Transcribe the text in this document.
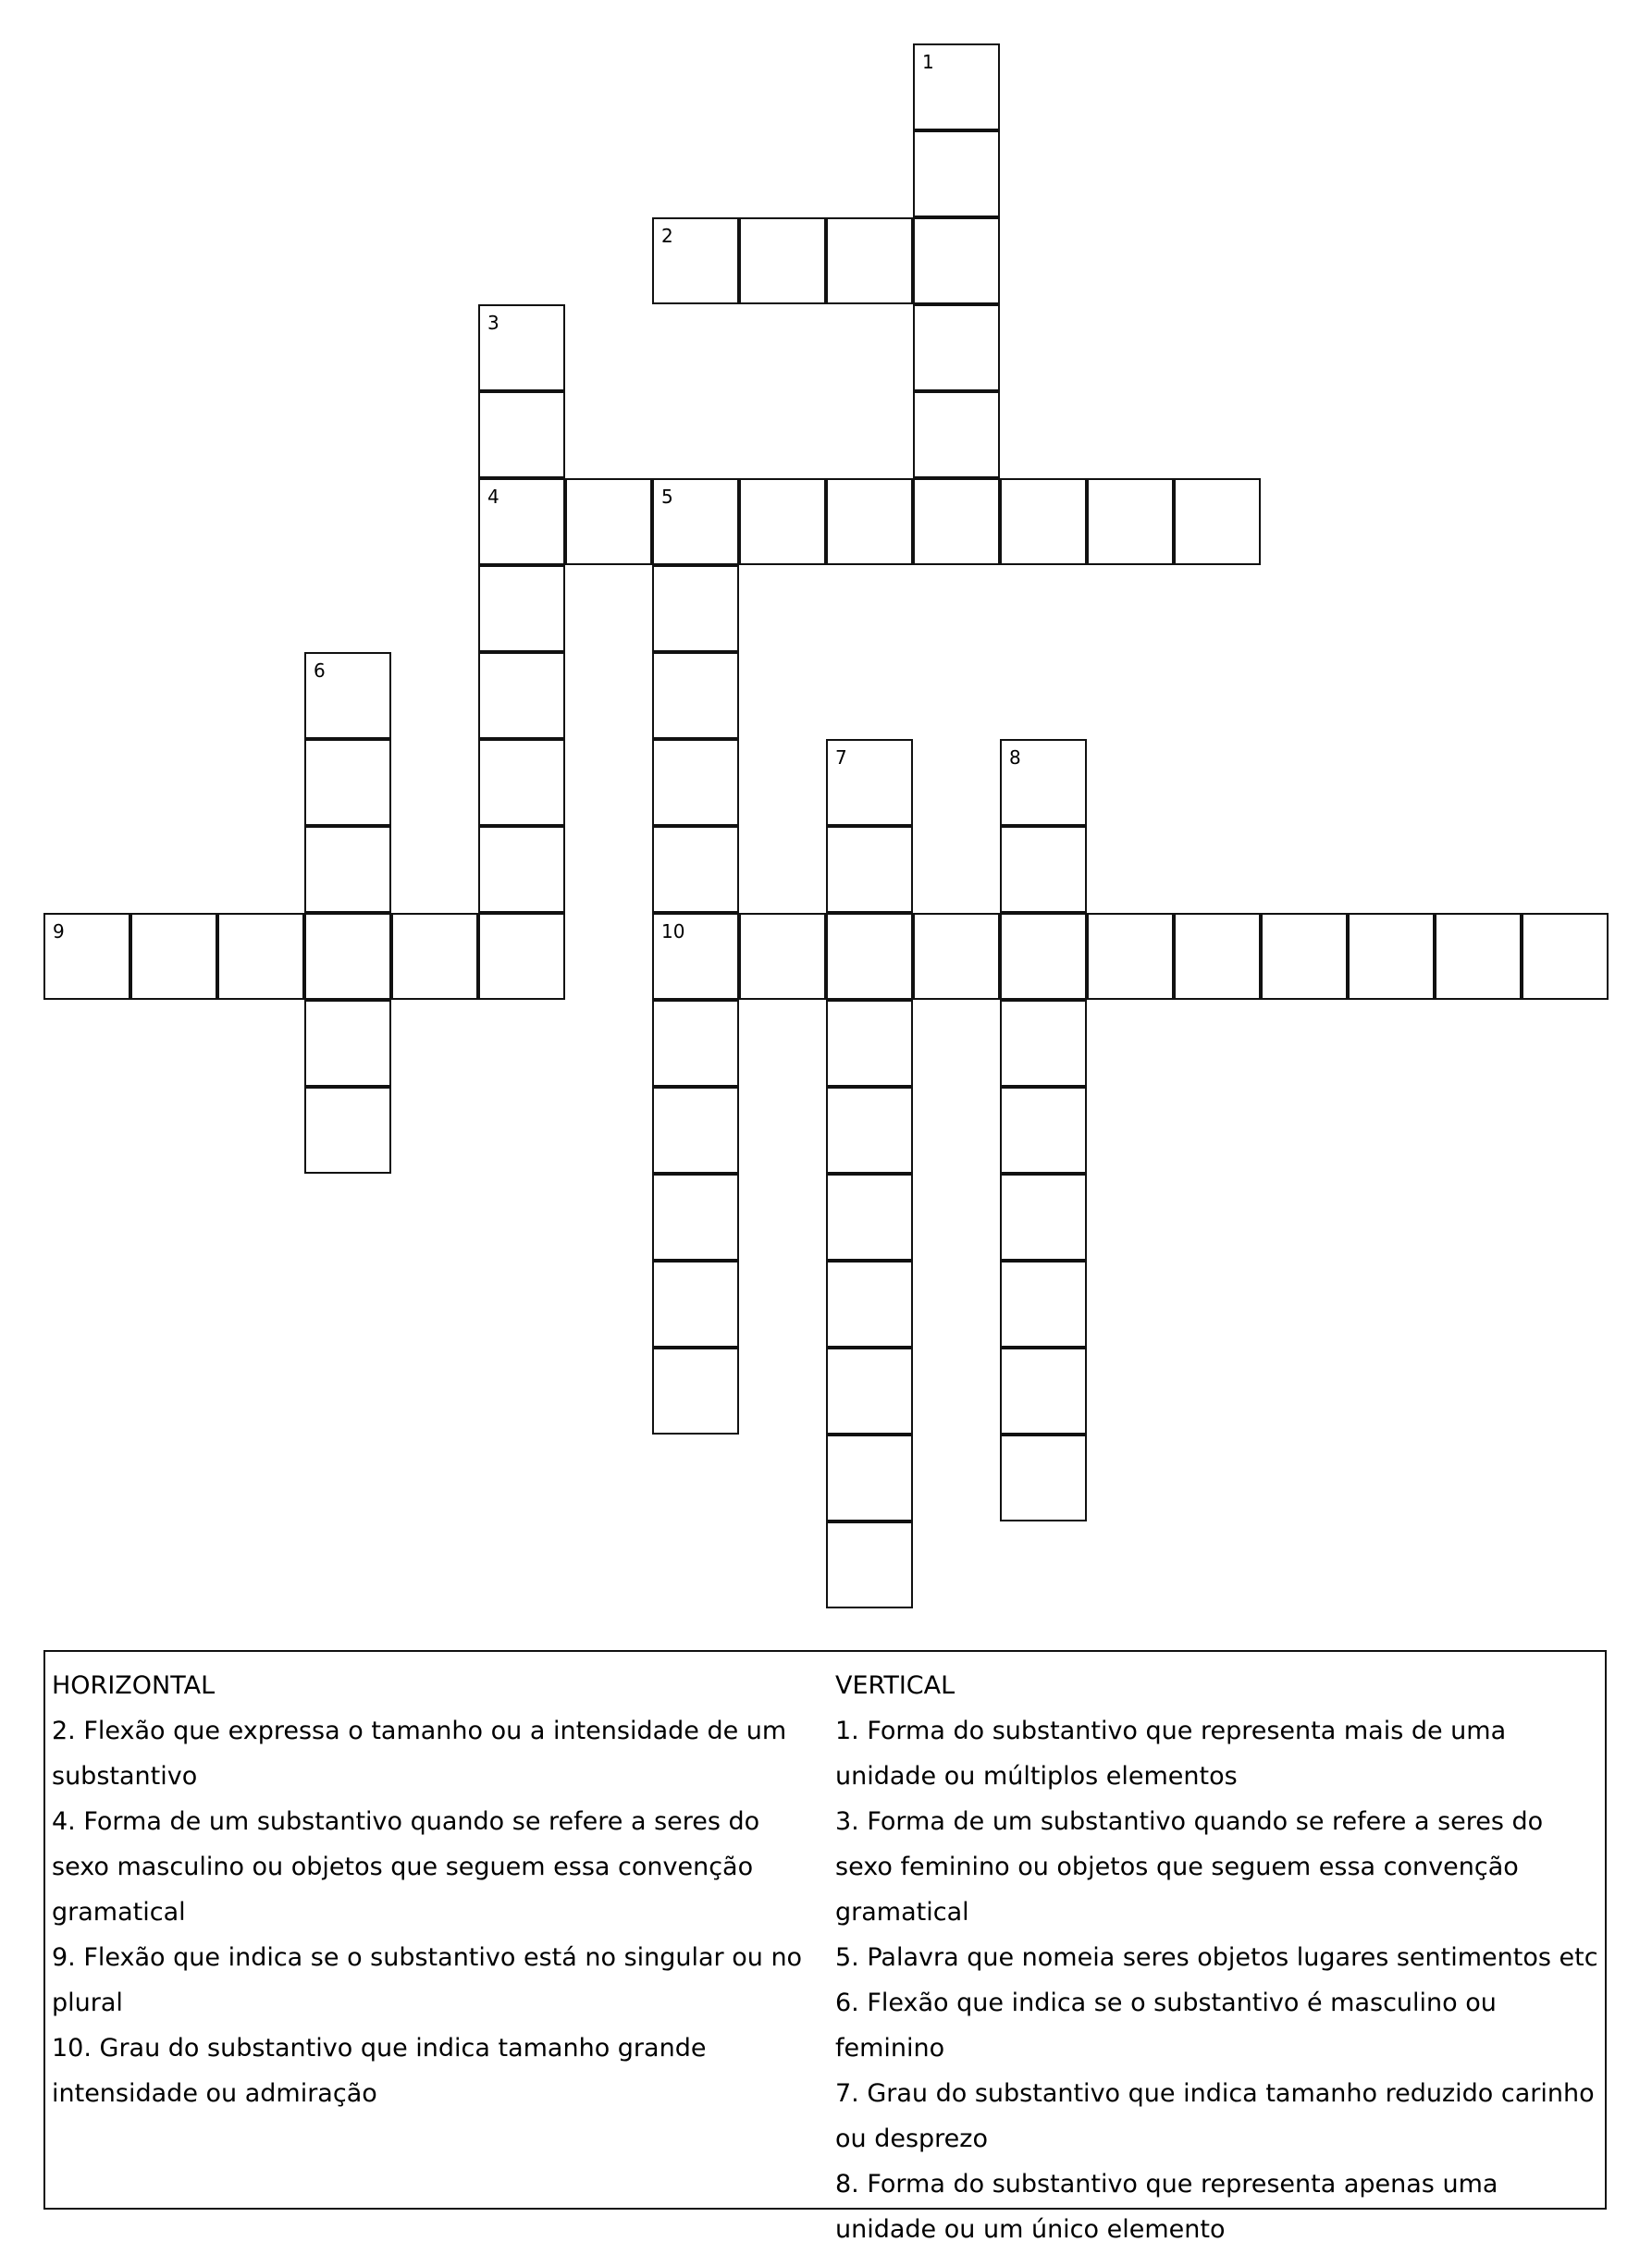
1
2
3
4	5
10
6
7	8
9
HORIZONTAL
2. Flexão que expressa o tamanho ou a intensidade de um substantivo
4. Forma de um substantivo quando se refere a seres do sexo masculino ou objetos que seguem essa convenção gramatical
9. Flexão que indica se o substantivo está no singular ou no plural
10. Grau do substantivo que indica tamanho grande intensidade ou admiração
VERTICAL
1. Forma do substantivo que representa mais de uma unidade ou múltiplos elementos
3. Forma de um substantivo quando se refere a seres do sexo feminino ou objetos que seguem essa convenção gramatical
5. Palavra que nomeia seres objetos lugares sentimentos etc
6. Flexão que indica se o substantivo é masculino ou feminino
7. Grau do substantivo que indica tamanho reduzido carinho ou desprezo
8. Forma do substantivo que representa apenas uma unidade ou um único elemento
